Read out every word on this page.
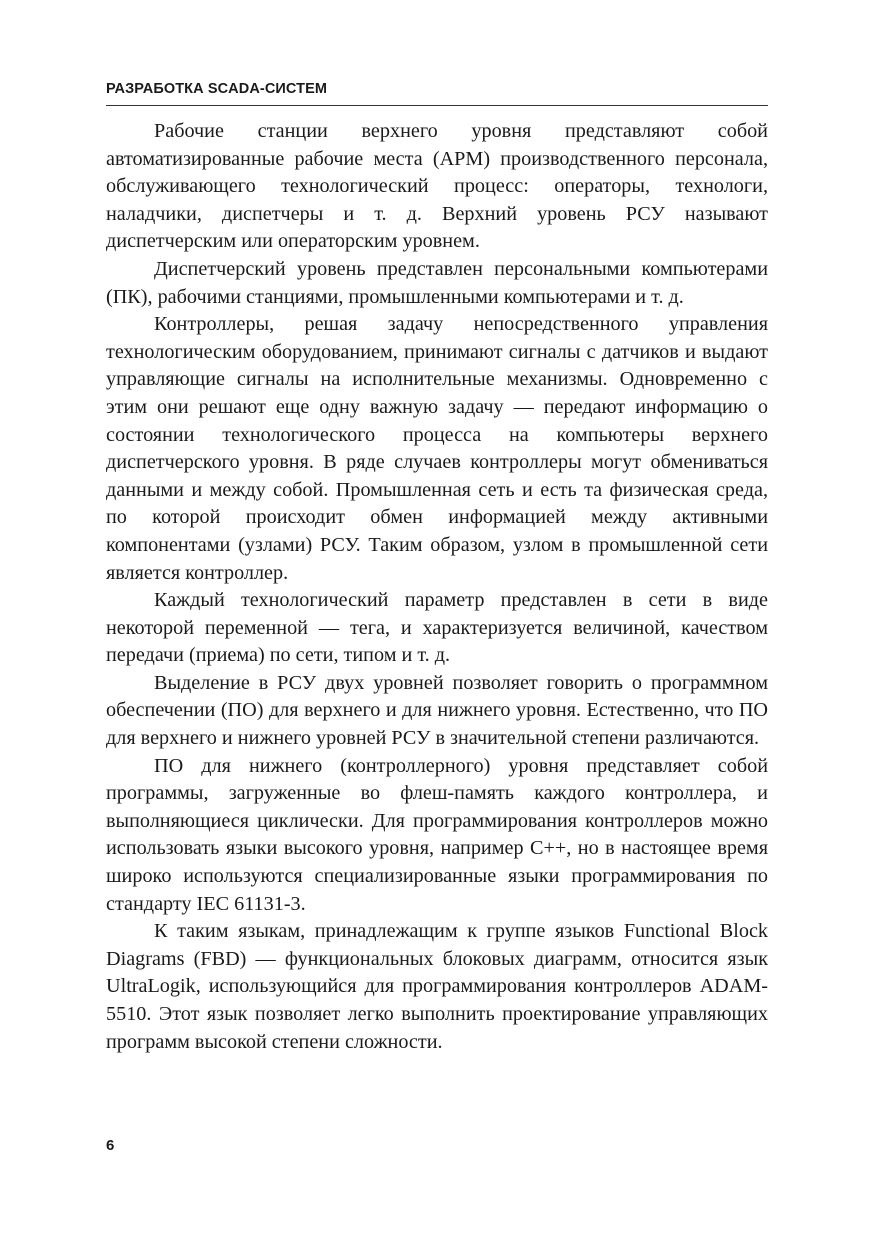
РАЗРАБОТКА SCADA-СИСТЕМ

Рабочие станции верхнего уровня представляют собой автоматизированные рабочие места (АРМ) производственного персонала, обслуживающего технологический процесс: операторы, технологи, наладчики, диспетчеры и т. д. Верхний уровень РСУ называют диспетчерским или операторским уровнем.

Диспетчерский уровень представлен персональными компьютерами (ПК), рабочими станциями, промышленными компьютерами и т. д.

Контроллеры, решая задачу непосредственного управления технологическим оборудованием, принимают сигналы с датчиков и выдают управляющие сигналы на исполнительные механизмы. Одновременно с этим они решают еще одну важную задачу — передают информацию о состоянии технологического процесса на компьютеры верхнего диспетчерского уровня. В ряде случаев контроллеры могут обмениваться данными и между собой. Промышленная сеть и есть та физическая среда, по которой происходит обмен информацией между активными компонентами (узлами) РСУ. Таким образом, узлом в промышленной сети является контроллер.

Каждый технологический параметр представлен в сети в виде некоторой переменной — тега, и характеризуется величиной, качеством передачи (приема) по сети, типом и т. д.

Выделение в РСУ двух уровней позволяет говорить о программном обеспечении (ПО) для верхнего и для нижнего уровня. Естественно, что ПО для верхнего и нижнего уровней РСУ в значительной степени различаются.

ПО для нижнего (контроллерного) уровня представляет собой программы, загруженные во флеш-память каждого контроллера, и выполняющиеся циклически. Для программирования контроллеров можно использовать языки высокого уровня, например С++, но в настоящее время широко используются специализированные языки программирования по стандарту IEC 61131-3.

К таким языкам, принадлежащим к группе языков Functional Block Diagrams (FBD) — функциональных блоковых диаграмм, относится язык UltraLogik, использующийся для программирования контроллеров ADAM-5510. Этот язык позволяет легко выполнить проектирование управляющих программ высокой степени сложности.

6
